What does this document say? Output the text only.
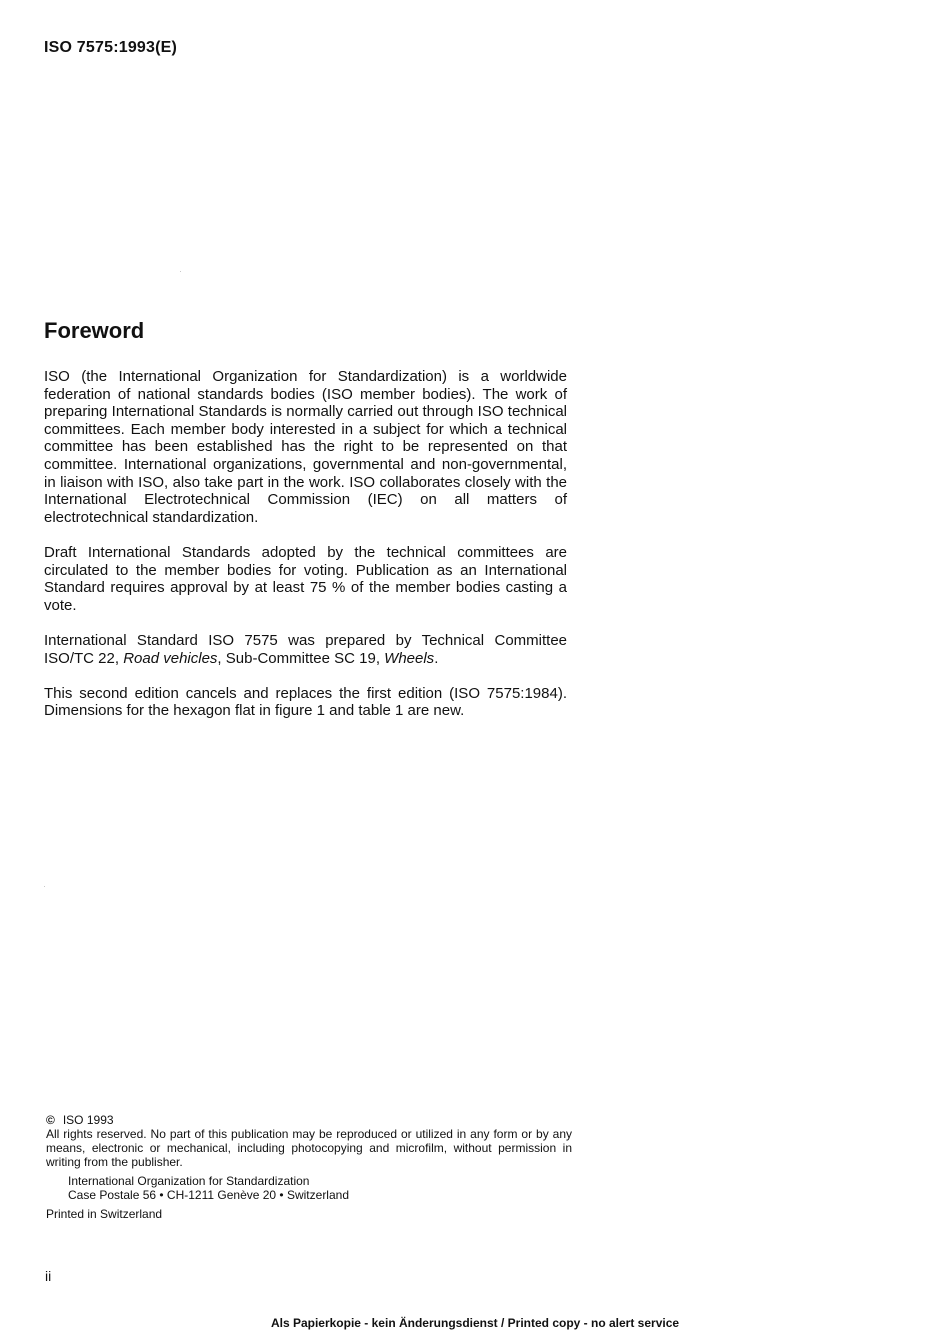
ISO 7575:1993(E)
Foreword

ISO (the International Organization for Standardization) is a worldwide federation of national standards bodies (ISO member bodies). The work of preparing International Standards is normally carried out through ISO technical committees. Each member body interested in a subject for which a technical committee has been established has the right to be represented on that committee. International organizations, governmental and non-governmental, in liaison with ISO, also take part in the work. ISO collaborates closely with the International Electrotechnical Commission (IEC) on all matters of electrotechnical standardization.

Draft International Standards adopted by the technical committees are circulated to the member bodies for voting. Publication as an International Standard requires approval by at least 75 % of the member bodies casting a vote.

International Standard ISO 7575 was prepared by Technical Committee ISO/TC 22, Road vehicles, Sub-Committee SC 19, Wheels.

This second edition cancels and replaces the first edition (ISO 7575:1984). Dimensions for the hexagon flat in figure 1 and table 1 are new.

© ISO 1993
All rights reserved. No part of this publication may be reproduced or utilized in any form or by any means, electronic or mechanical, including photocopying and microfilm, without permission in writing from the publisher.
International Organization for Standardization
Case Postale 56 • CH-1211 Genève 20 • Switzerland
Printed in Switzerland
ii
Als Papierkopie - kein Änderungsdienst / Printed copy - no alert service
